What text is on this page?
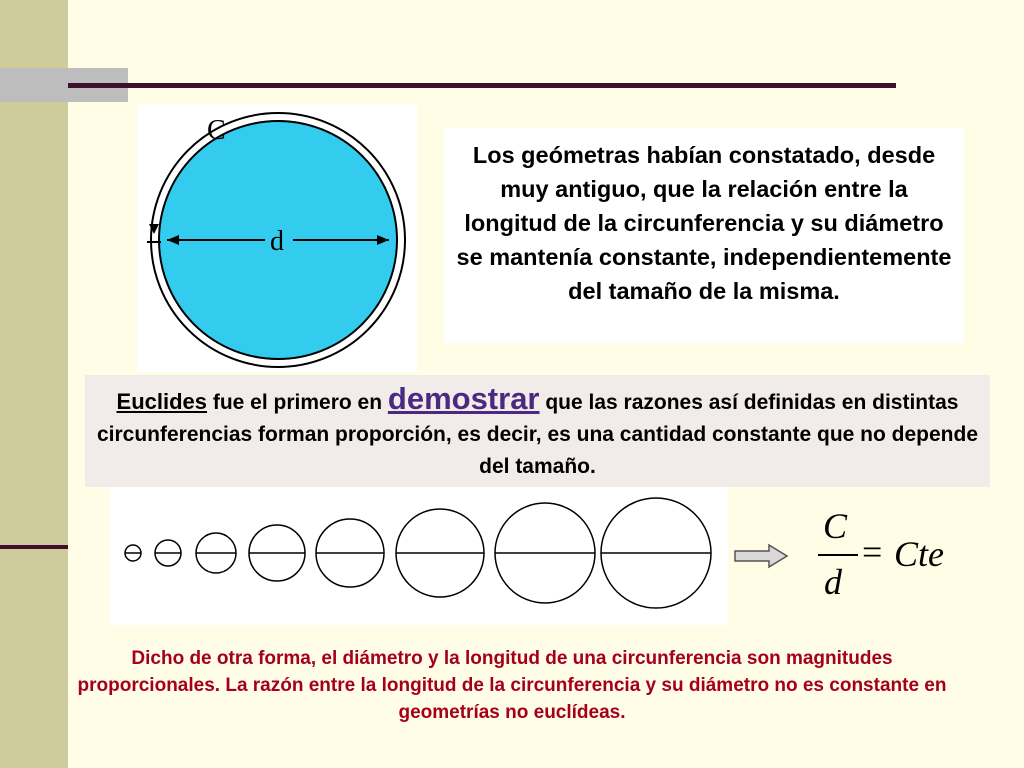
C
d
Los geómetras habían constatado, desde muy antiguo, que la relación entre la longitud de la circunferencia y su diámetro se mantenía constante, independientemente del tamaño de la misma.
Euclides fue el primero en demostrar que las razones así definidas en distintas circunferencias forman proporción, es decir, es una cantidad constante que no depende del tamaño.
C
d
= Cte
Dicho de otra forma, el diámetro y la longitud de una circunferencia son magnitudes proporcionales. La razón entre la longitud de la circunferencia y su diámetro no es constante en geometrías no euclídeas.
